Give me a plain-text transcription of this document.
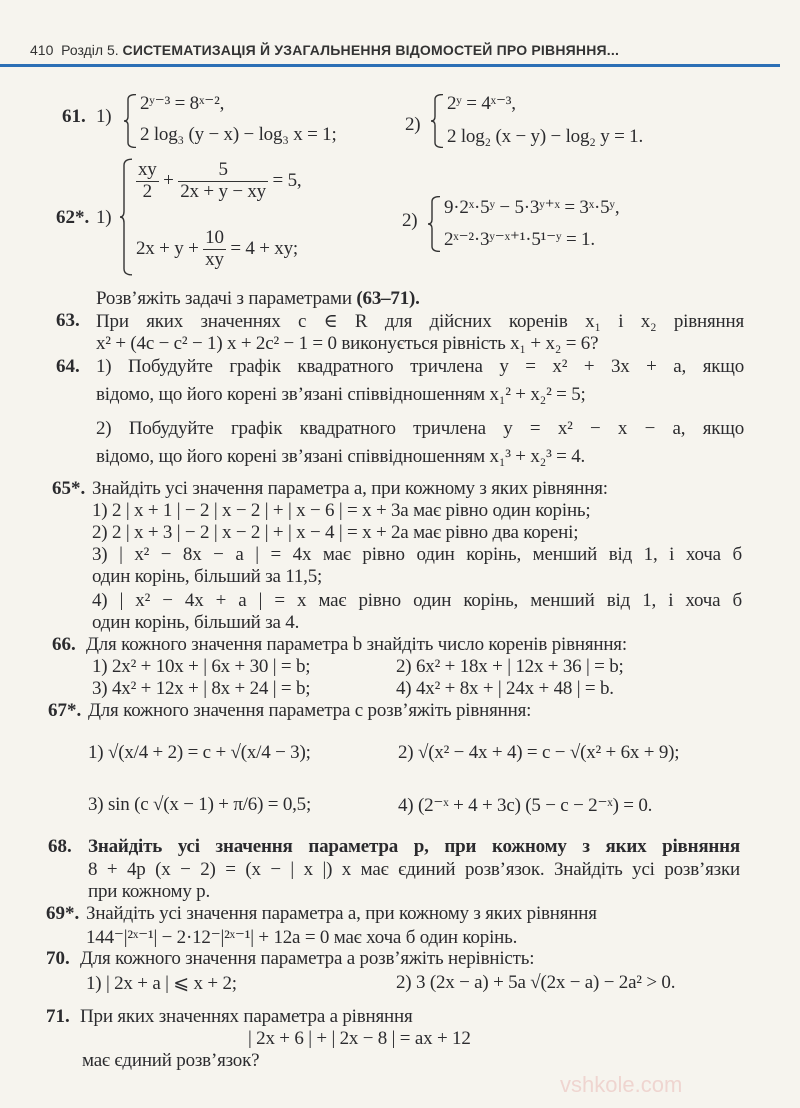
vshkole.com
410 Розділ 5. СИСТЕМАТИЗАЦІЯ Й УЗАГАЛЬНЕННЯ ВІДОМОСТЕЙ ПРО РІВНЯННЯ...
61. 1)
2ʸ⁻³ = 8ˣ⁻²,
2 log₃ (y − x) − log₃ x = 1;	2)
2ʸ = 4ˣ⁻³,
2 log₂ (x − y) − log₂ y = 1.
62*. 1)
$\frac{xy}{2} + \frac{5}{2x + y - xy} = 5$,
$2x + y + \frac{10}{xy} = 4$ + xy;
2)
9·2ˣ·5ʸ − 5·3ʸ⁺ˣ = 3ˣ·5ʸ,
2ˣ⁻²·3ʸ⁻ˣ⁺¹·5¹⁻ʸ = 1.
Розв’яжіть задачі з параметрами (63–71).
63. При яких значеннях c ∈ R для дійсних коренів x₁ і x₂ рівняння
x² + (4c − c² − 1) x + 2c² − 1 = 0 виконується рівність x₁ + x₂ = 6?
64. 1) Побудуйте графік квадратного тричлена y = x² + 3x + a, якщо
відомо, що його корені зв’язані співвідношенням x₁² + x₂² = 5;
2) Побудуйте графік квадратного тричлена y = x² − x − a, якщо
відомо, що його корені зв’язані співвідношенням x₁³ + x₂³ = 4.
65*. Знайдіть усі значення параметра a, при кожному з яких рівняння:
1) 2 | x + 1 | − 2 | x − 2 | + | x − 6 | = x + 3a має рівно один корінь;
2) 2 | x + 3 | − 2 | x − 2 | + | x − 4 | = x + 2a має рівно два корені;
3) | x² − 8x − a | = 4x має рівно один корінь, менший від 1, і хоча б
один корінь, більший за 11,5;
4) | x² − 4x + a | = x має рівно один корінь, менший від 1, і хоча б
один корінь, більший за 4.
66. Для кожного значення параметра b знайдіть число коренів рівняння:
1) 2x² + 10x + | 6x + 30 | = b;	2) 6x² + 18x + | 12x + 36 | = b;
3) 4x² + 12x + | 8x + 24 | = b;	4) 4x² + 8x + | 24x + 48 | = b.
67*. Для кожного значення параметра c розв’яжіть рівняння:
1) √(x/4 + 2) = c + √(x/4 − 3);	2) √(x² − 4x + 4) = c − √(x² + 6x + 9);
3) sin (c √(x − 1) + π/6) = 0,5;	4) (2⁻ˣ + 4 + 3c) (5 − c − 2⁻ˣ) = 0.
68. Знайдіть усі значення параметра p, при кожному з яких рівняння
8 + 4p (x − 2) = (x − | x |) x має єдиний розв’язок. Знайдіть усі розв’язки
при кожному p.
69*. Знайдіть усі значення параметра a, при кожному з яких рівняння
144⁻|²ˣ⁻¹| − 2·12⁻|²ˣ⁻¹| + 12a = 0 має хоча б один корінь.
70. Для кожного значення параметра a розв’яжіть нерівність:
1) | 2x + a | ⩽ x + 2;	2) 3 (2x − a) + 5a √(2x − a) − 2a² > 0.
71. При яких значеннях параметра a рівняння
| 2x + 6 | + | 2x − 8 | = ax + 12
має єдиний розв’язок?
